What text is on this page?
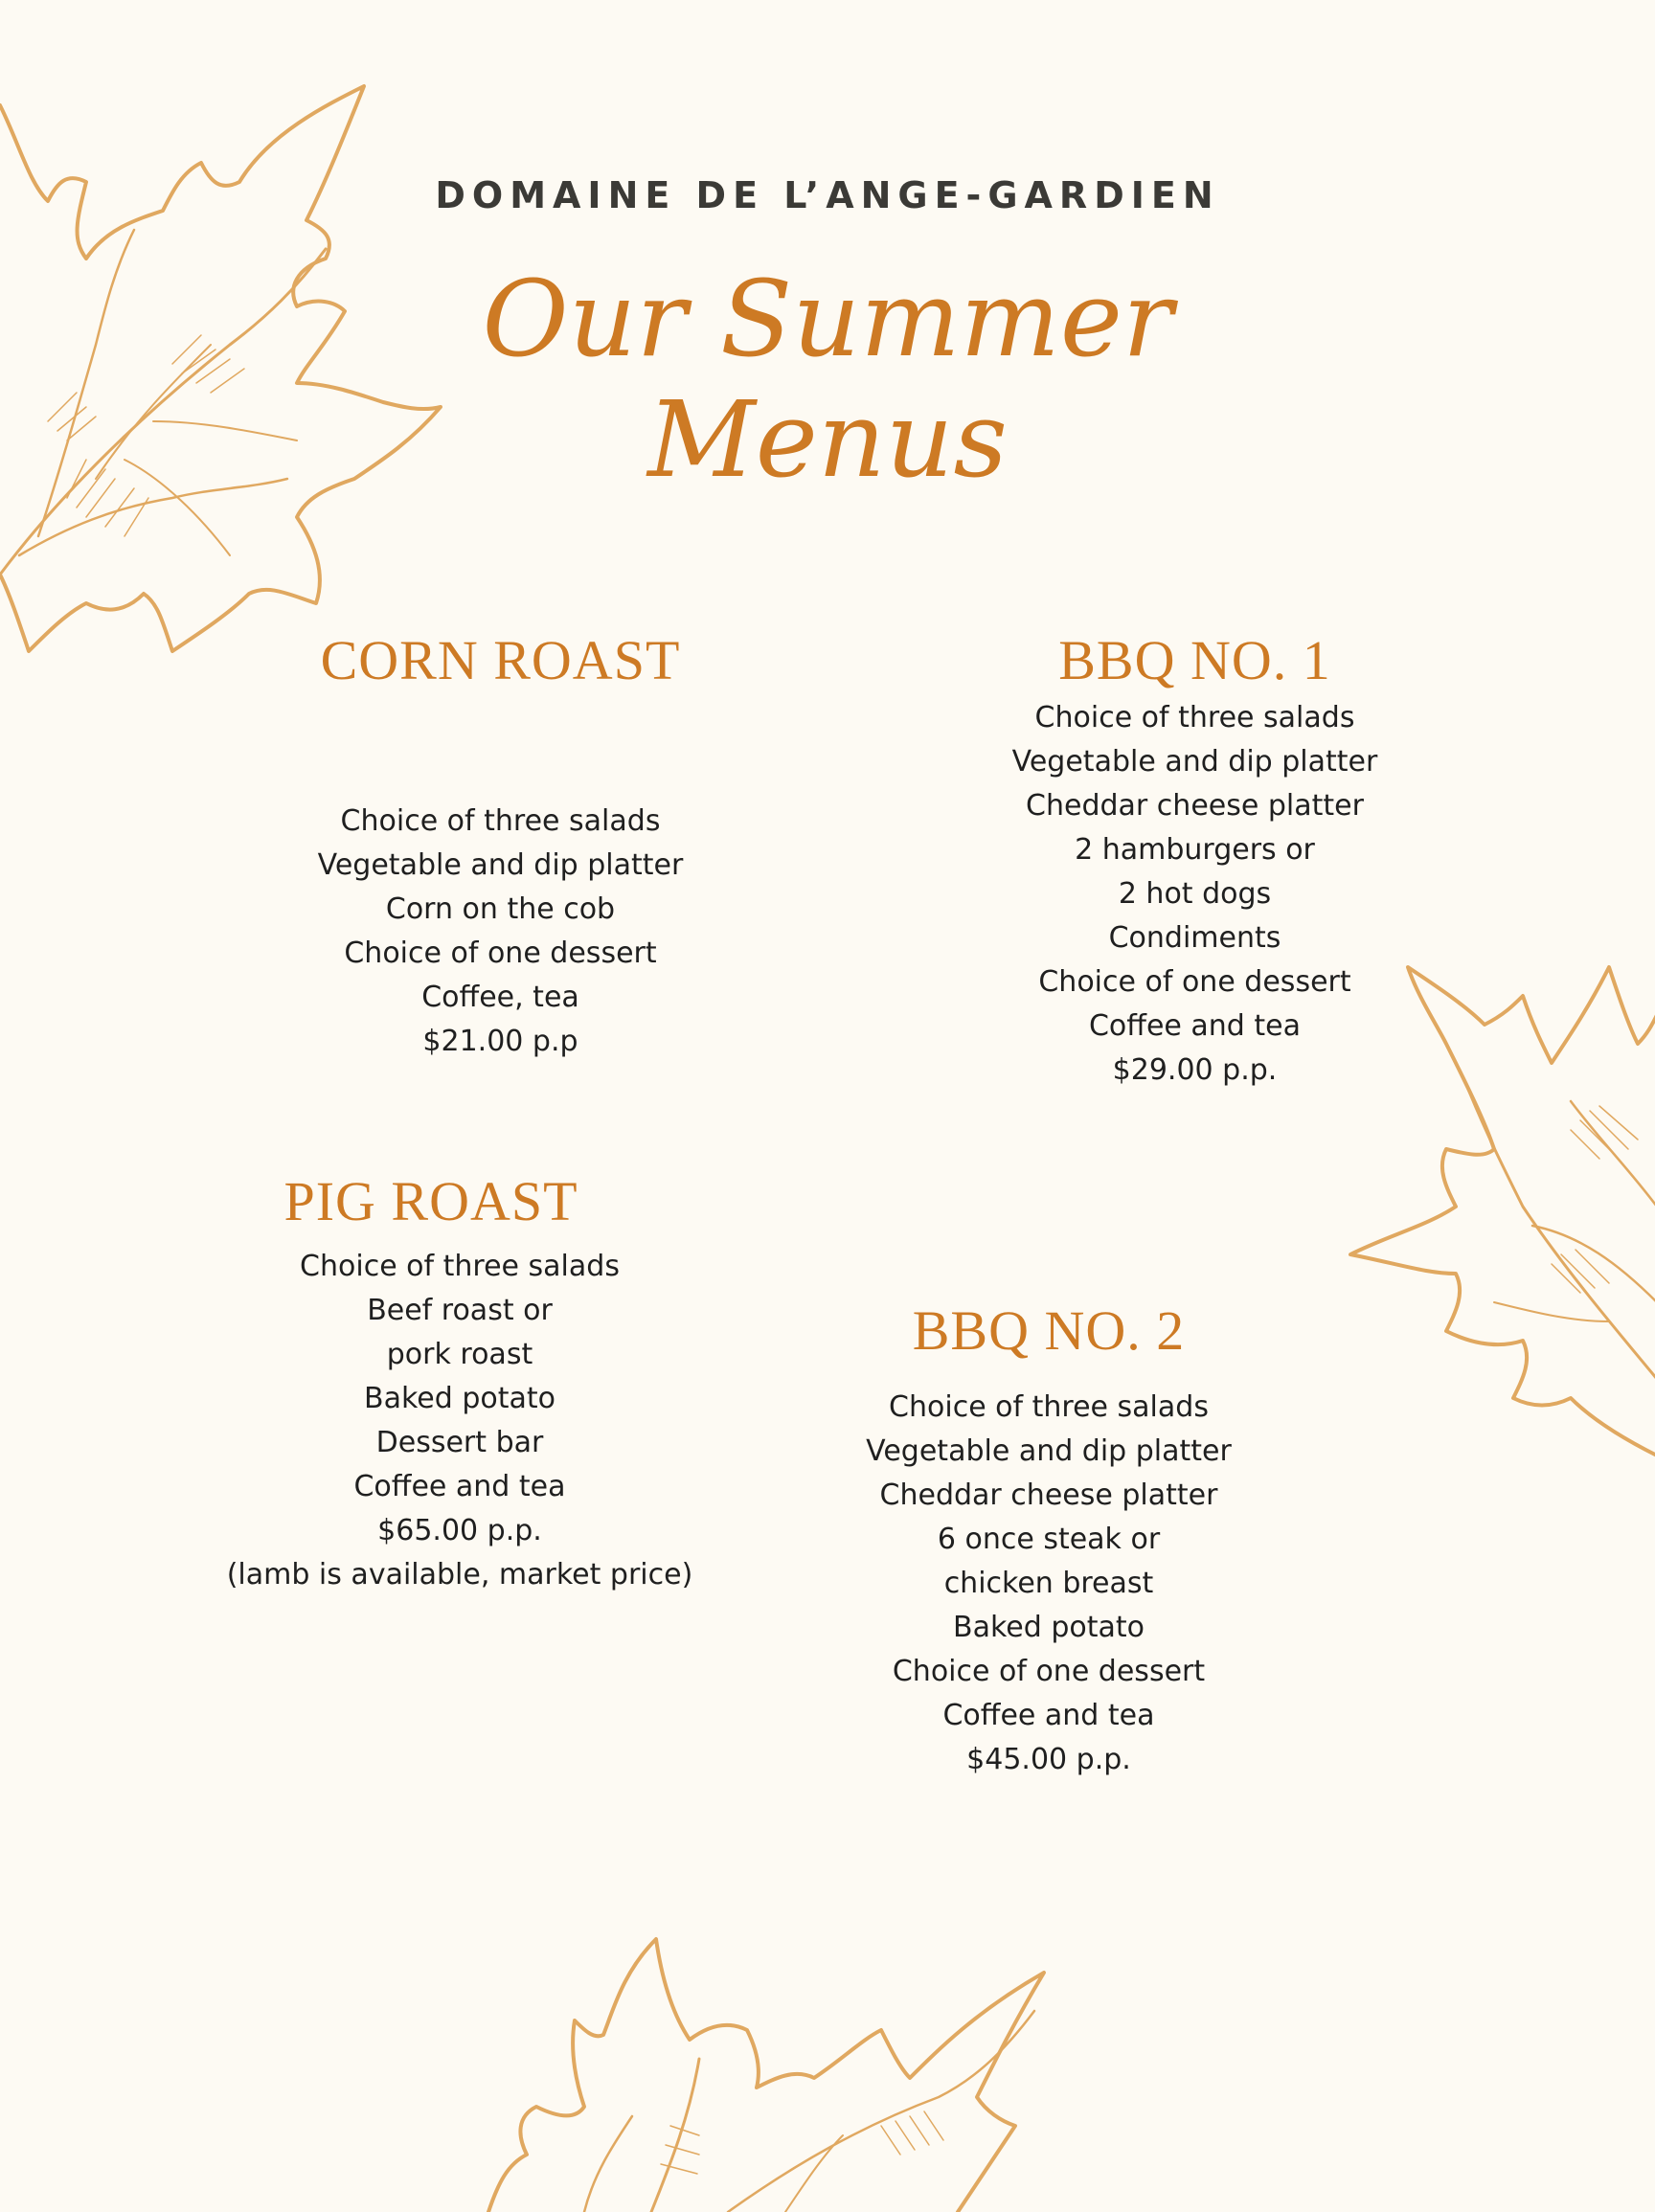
DOMAINE DE L’ANGE-GARDIEN
Our Summer
Menus
CORN ROAST
Choice of three salads
Vegetable and dip platter
Corn on the cob
Choice of one dessert
Coffee, tea
$21.00 p.p
BBQ NO. 1
Choice of three salads
Vegetable and dip platter
Cheddar cheese platter
2 hamburgers or
2 hot dogs
Condiments
Choice of one dessert
Coffee and tea
$29.00 p.p.
PIG ROAST
Choice of three salads
Beef roast or
pork roast
Baked potato
Dessert bar
Coffee and tea
$65.00 p.p.
(lamb is available, market price)
BBQ NO. 2
Choice of three salads
Vegetable and dip platter
Cheddar cheese platter
6 once steak or
chicken breast
Baked potato
Choice of one dessert
Coffee and tea
$45.00 p.p.
